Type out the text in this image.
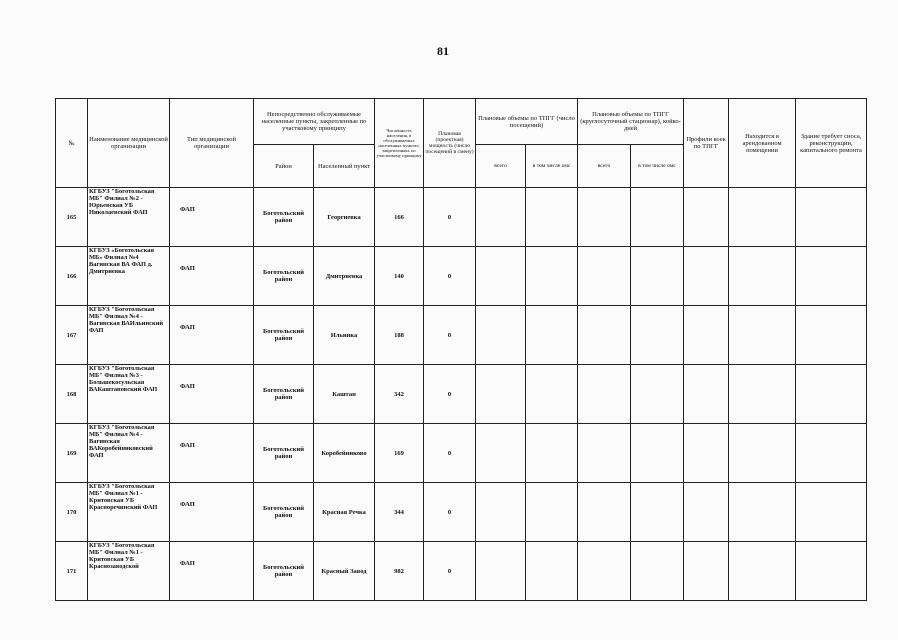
81
№	Наименование медицинской организации	Тип медицинской организации	Непосредственно обслуживаемые населенные пункты, закрепленные по участковому принципу		Численность населения, в обслуживаемых населенных пунктах, закрепленных по участковому принципу	Плановая (проектная) мощность (число посещений в смену)	Плановые объемы по ТПГГ (число посещений)		Плановые объемы по ТПГГ (круглосуточный стационар), койко-дней		Профили коек по ТПГГ	Находится в арендованном помещении	Здание требует сноса, реконструкции, капитального ремонта
			Район	Населенный пункт			всего	в том числе омс	всего	в том числе омс			
165	КГБУЗ "Боготольская МБ" Филиал №2 - Юрьевская УБ Николаевский ФАП	ФАП	Боготольский район	Георгиевка	166	0							
166	КГБУЗ «Боготольская МБ» Филиал №4 Вагинская ВА ФАП д. Дмитриевка	ФАП	Боготольский район	Дмитриевка	140	0							
167	КГБУЗ "Боготольская МБ" Филиал №4 - Вагинская ВАИльинский ФАП	ФАП	Боготольский район	Ильинка	188	0							
168	КГБУЗ "Боготольская МБ" Филиал №3 - Большекосульская ВАКаштановский ФАП	ФАП	Боготольский район	Каштан	342	0							
169	КГБУЗ "Боготольская МБ" Филиал №4 - Вагинская ВАКоробейниковский ФАП	ФАП	Боготольский район	Коробейниково	169	0							
170	КГБУЗ "Боготольская МБ" Филиал №1 - Критовская УБ Красноречинский ФАП	ФАП	Боготольский район	Красная Речка	344	0							
171	КГБУЗ "Боготольская МБ" Филиал №1 - Критовская УБ Краснозаводской	ФАП	Боготольский район	Красный Завод	982	0							
